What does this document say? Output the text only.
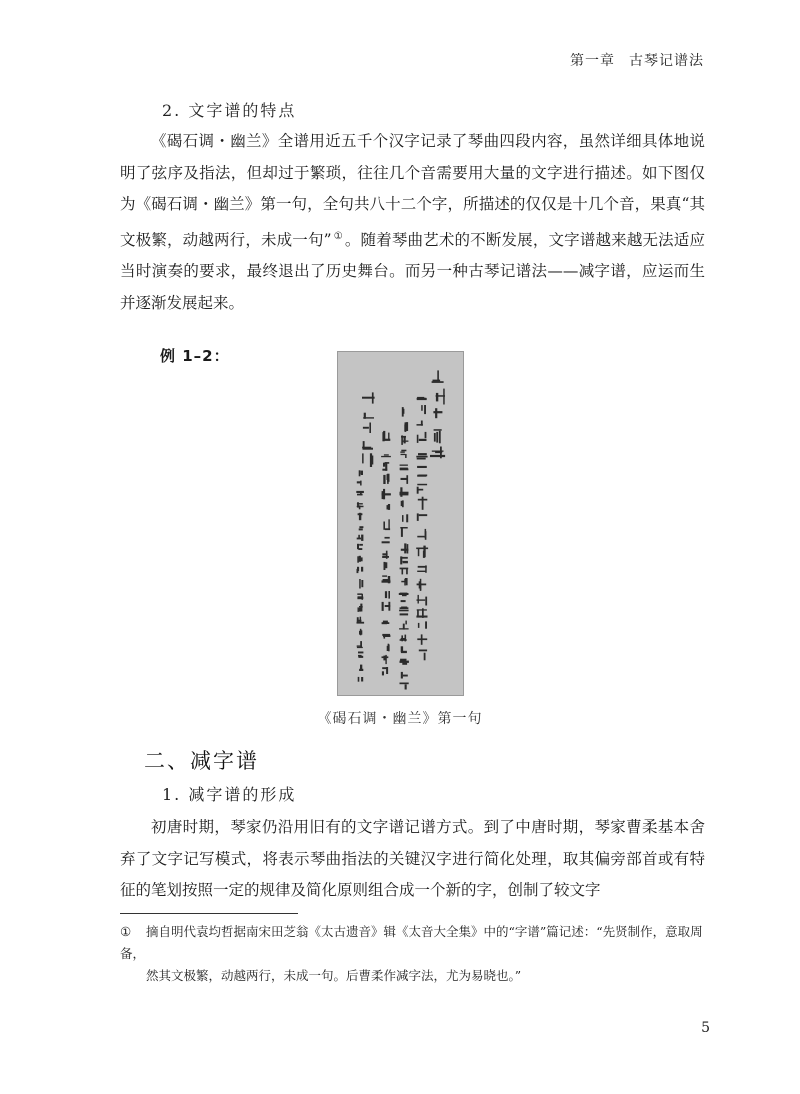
第一章 古琴记谱法
2. 文字谱的特点

《碣石调・幽兰》全谱用近五千个汉字记录了琴曲四段内容，虽然详细具体地说明了弦序及指法，但却过于繁琐，往往几个音需要用大量的文字进行描述。如下图仅为《碣石调・幽兰》第一句，全句共八十二个字，所描述的仅仅是十几个音，果真“其文极繁，动越两行，未成一句” ① 。随着琴曲艺术的不断发展，文字谱越来越无法适应当时演奏的要求，最终退出了历史舞台。而另一种古琴记谱法——减字谱，应运而生并逐渐发展起来。

例 1–2：
《碣石调・幽兰》第一句
二、减字谱
1. 减字谱的形成

初唐时期，琴家仍沿用旧有的文字谱记谱方式。到了中唐时期，琴家曹柔基本舍弃了文字记写模式，将表示琴曲指法的关键汉字进行简化处理，取其偏旁部首或有特征的笔划按照一定的规律及简化原则组合成一个新的字，创制了较文字

① 摘自明代袁均哲据南宋田芝翁《太古遗音》辑《太音大全集》中的“字谱”篇记述：“先贤制作，意取周备，
然其文极繁，动越两行，未成一句。后曹柔作减字法，尤为易晓也。”

5
